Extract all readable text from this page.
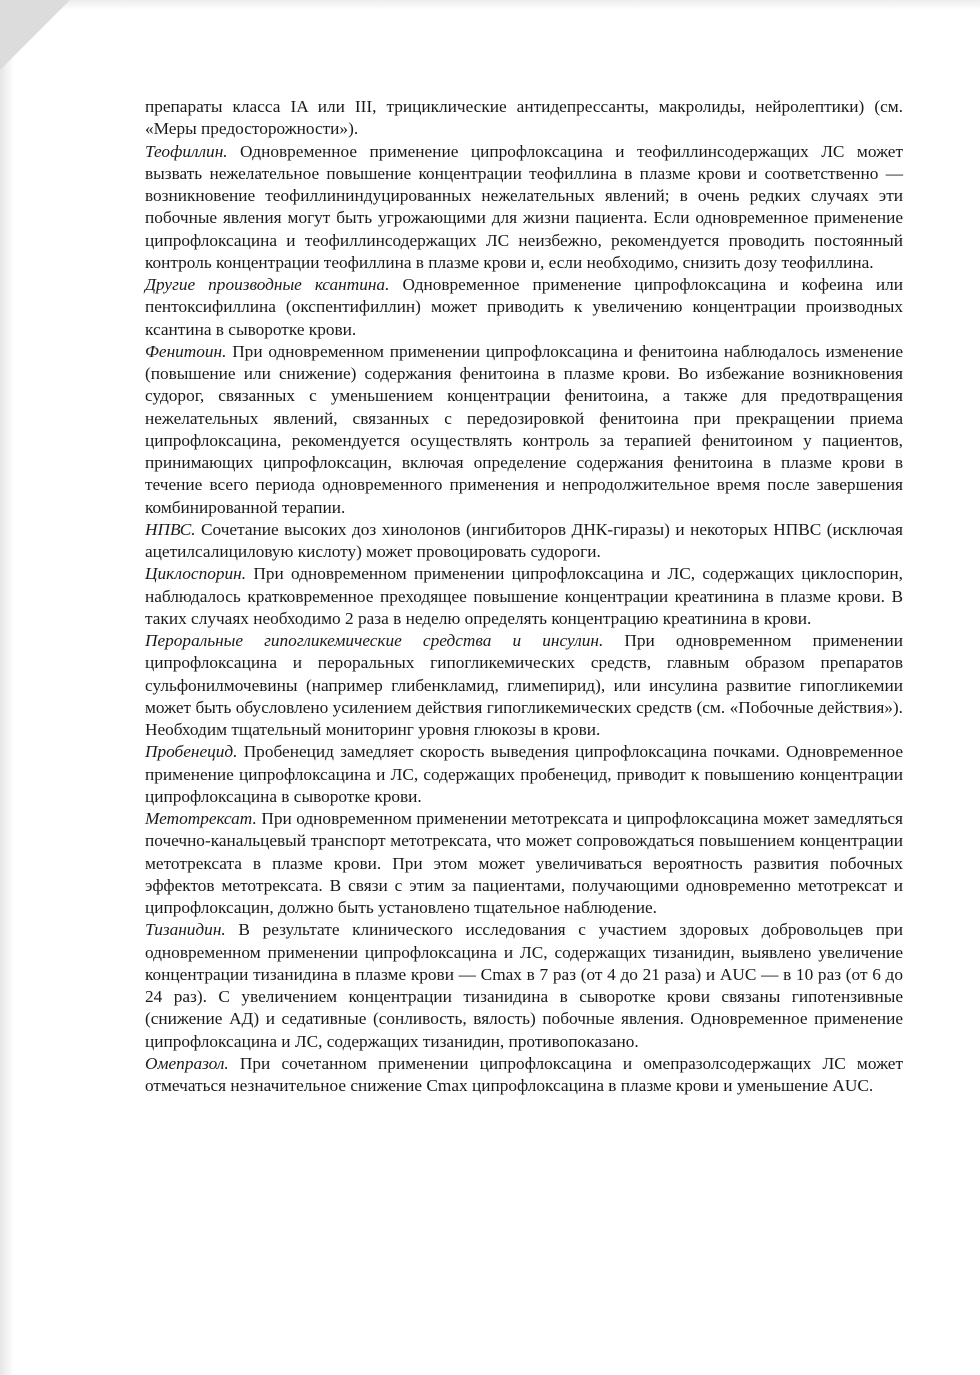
препараты класса IA или III, трициклические антидепрессанты, макролиды, нейролептики) (см. «Меры предосторожности»).

Теофиллин. Одновременное применение ципрофлоксацина и теофиллинсодержащих ЛС может вызвать нежелательное повышение концентрации теофиллина в плазме крови и соответственно — возникновение теофиллининдуцированных нежелательных явлений; в очень редких случаях эти побочные явления могут быть угрожающими для жизни пациента. Если одновременное применение ципрофлоксацина и теофиллинсодержащих ЛС неизбежно, рекомендуется проводить постоянный контроль концентрации теофиллина в плазме крови и, если необходимо, снизить дозу теофиллина.

Другие производные ксантина. Одновременное применение ципрофлоксацина и кофеина или пентоксифиллина (окспентифиллин) может приводить к увеличению концентрации производных ксантина в сыворотке крови.

Фенитоин. При одновременном применении ципрофлоксацина и фенитоина наблюдалось изменение (повышение или снижение) содержания фенитоина в плазме крови. Во избежание возникновения судорог, связанных с уменьшением концентрации фенитоина, а также для предотвращения нежелательных явлений, связанных с передозировкой фенитоина при прекращении приема ципрофлоксацина, рекомендуется осуществлять контроль за терапией фенитоином у пациентов, принимающих ципрофлоксацин, включая определение содержания фенитоина в плазме крови в течение всего периода одновременного применения и непродолжительное время после завершения комбинированной терапии.

НПВС. Сочетание высоких доз хинолонов (ингибиторов ДНК-гиразы) и некоторых НПВС (исключая ацетилсалициловую кислоту) может провоцировать судороги.

Циклоспорин. При одновременном применении ципрофлоксацина и ЛС, содержащих циклоспорин, наблюдалось кратковременное преходящее повышение концентрации креатинина в плазме крови. В таких случаях необходимо 2 раза в неделю определять концентрацию креатинина в крови.

Пероральные гипогликемические средства и инсулин. При одновременном применении ципрофлоксацина и пероральных гипогликемических средств, главным образом препаратов сульфонилмочевины (например глибенкламид, глимепирид), или инсулина развитие гипогликемии может быть обусловлено усилением действия гипогликемических средств (см. «Побочные действия»). Необходим тщательный мониторинг уровня глюкозы в крови.

Пробенецид. Пробенецид замедляет скорость выведения ципрофлоксацина почками. Одновременное применение ципрофлоксацина и ЛС, содержащих пробенецид, приводит к повышению концентрации ципрофлоксацина в сыворотке крови.

Метотрексат. При одновременном применении метотрексата и ципрофлоксацина может замедляться почечно-канальцевый транспорт метотрексата, что может сопровождаться повышением концентрации метотрексата в плазме крови. При этом может увеличиваться вероятность развития побочных эффектов метотрексата. В связи с этим за пациентами, получающими одновременно метотрексат и ципрофлоксацин, должно быть установлено тщательное наблюдение.

Тизанидин. В результате клинического исследования с участием здоровых добровольцев при одновременном применении ципрофлоксацина и ЛС, содержащих тизанидин, выявлено увеличение концентрации тизанидина в плазме крови — Cmax в 7 раз (от 4 до 21 раза) и AUC — в 10 раз (от 6 до 24 раз). С увеличением концентрации тизанидина в сыворотке крови связаны гипотензивные (снижение АД) и седативные (сонливость, вялость) побочные явления. Одновременное применение ципрофлоксацина и ЛС, содержащих тизанидин, противопоказано.

Омепразол. При сочетанном применении ципрофлоксацина и омепразолсодержащих ЛС может отмечаться незначительное снижение Cmax ципрофлоксацина в плазме крови и уменьшение AUC.
